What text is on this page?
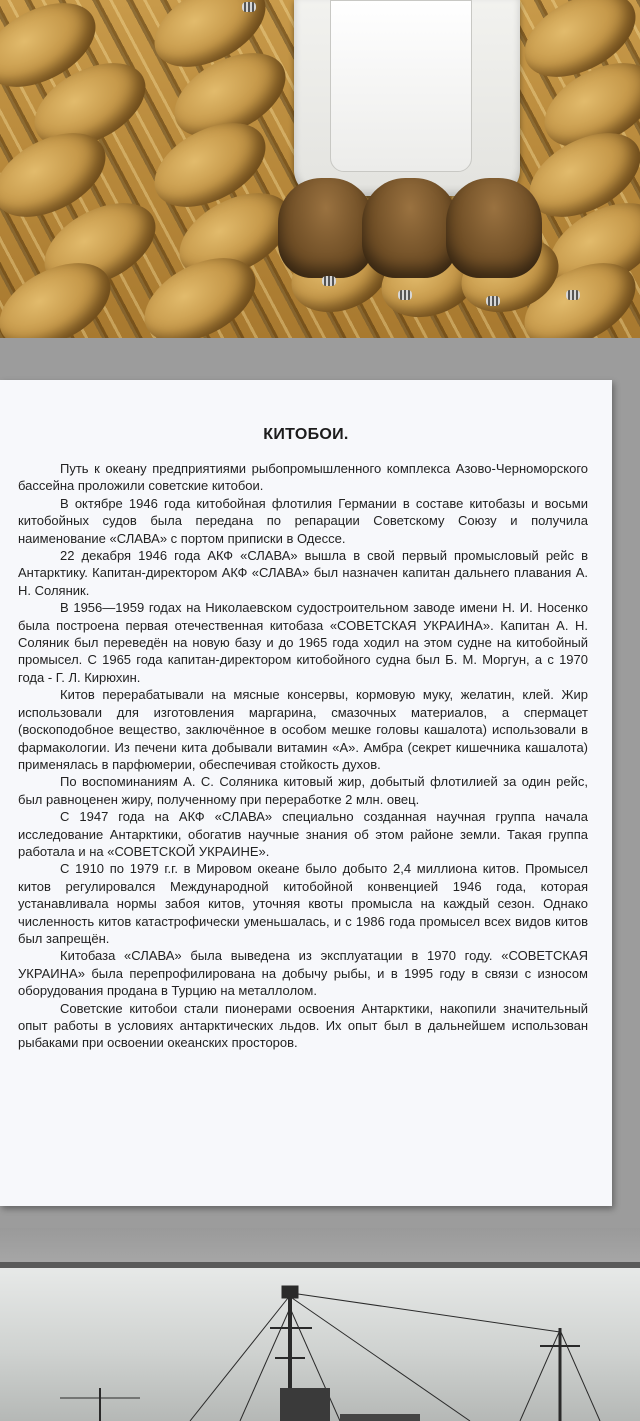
КИТОБОИ.

Путь к океану предприятиями рыбопромышленного комплекса Азово-Черноморского бассейна проложили советские китобои.

В октябре 1946 года китобойная флотилия Германии в составе китобазы и восьми китобойных судов была передана по репарации Советскому Союзу и получила наименование «СЛАВА» с портом приписки в Одессе.

22 декабря 1946 года АКФ «СЛАВА» вышла в свой первый промысловый рейс в Антарктику. Капитан-директором АКФ «СЛАВА» был назначен капитан дальнего плавания А. Н. Соляник.

В 1956—1959 годах на Николаевском судостроительном заводе имени Н. И. Носенко была построена первая отечественная китобаза «СОВЕТСКАЯ УКРАИНА». Капитан А. Н. Соляник был переведён на новую базу и до 1965 года ходил на этом судне на китобойный промысел. С 1965 года капитан-директором китобойного судна был Б. М. Моргун, а с 1970 года - Г. Л. Кирюхин.

Китов перерабатывали на мясные консервы, кормовую муку, желатин, клей. Жир использовали для изготовления маргарина, смазочных материалов, а спермацет (воскоподобное вещество, заключённое в особом мешке головы кашалота) использовали в фармакологии. Из печени кита добывали витамин «А». Амбра (секрет кишечника кашалота) применялась в парфюмерии, обеспечивая стойкость духов.

По воспоминаниям А. С. Соляника китовый жир, добытый флотилией за один рейс, был равноценен жиру, полученному при переработке 2 млн. овец.

С 1947 года на АКФ «СЛАВА» специально созданная научная группа начала исследование Антарктики, обогатив научные знания об этом районе земли. Такая группа работала и на «СОВЕТСКОЙ УКРАИНЕ».

С 1910 по 1979 г.г. в Мировом океане было добыто 2,4 миллиона китов. Промысел китов регулировался Международной китобойной конвенцией 1946 года, которая устанавливала нормы забоя китов, уточняя квоты промысла на каждый сезон. Однако численность китов катастрофически уменьшалась, и с 1986 года промысел всех видов китов был запрещён.

Китобаза «СЛАВА» была выведена из эксплуатации в 1970 году. «СОВЕТСКАЯ УКРАИНА» была перепрофилирована на добычу рыбы, и в 1995 году в связи с износом оборудования продана в Турцию на металлолом.

Советские китобои стали пионерами освоения Антарктики, накопили значительный опыт работы в условиях антарктических льдов. Их опыт был в дальнейшем использован рыбаками при освоении океанских просторов.
